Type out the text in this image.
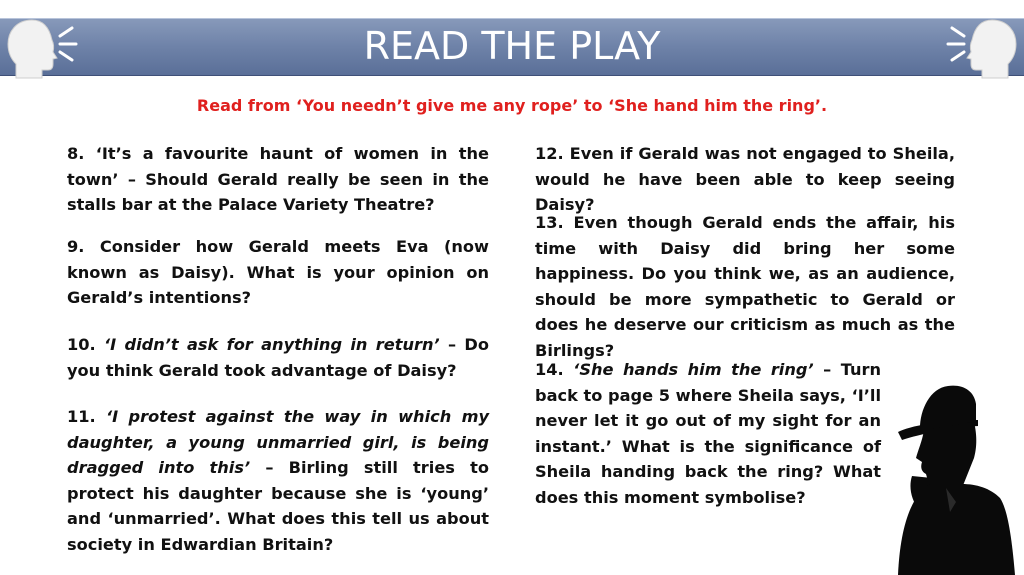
READ THE PLAY
Read from ‘You needn’t give me any rope’ to ‘She hand him the ring’.

8. ‘It’s a favourite haunt of women in the town’ – Should Gerald really be seen in the stalls bar at the Palace Variety Theatre?

9. Consider how Gerald meets Eva (now known as Daisy). What is your opinion on Gerald’s intentions?

10. ‘I didn’t ask for anything in return’ – Do you think Gerald took advantage of Daisy?

11. ‘I protest against the way in which my daughter, a young unmarried girl, is being dragged into this’ – Birling still tries to protect his daughter because she is ‘young’ and ‘unmarried’. What does this tell us about society in Edwardian Britain?

12. Even if Gerald was not engaged to Sheila, would he have been able to keep seeing Daisy?

13. Even though Gerald ends the affair, his time with Daisy did bring her some happiness. Do you think we, as an audience, should be more sympathetic to Gerald or does he deserve our criticism as much as the Birlings?

14. ‘She hands him the ring’ – Turn back to page 5 where Sheila says, ‘I’ll never let it go out of my sight for an instant.’ What is the significance of Sheila handing back the ring? What does this moment symbolise?
